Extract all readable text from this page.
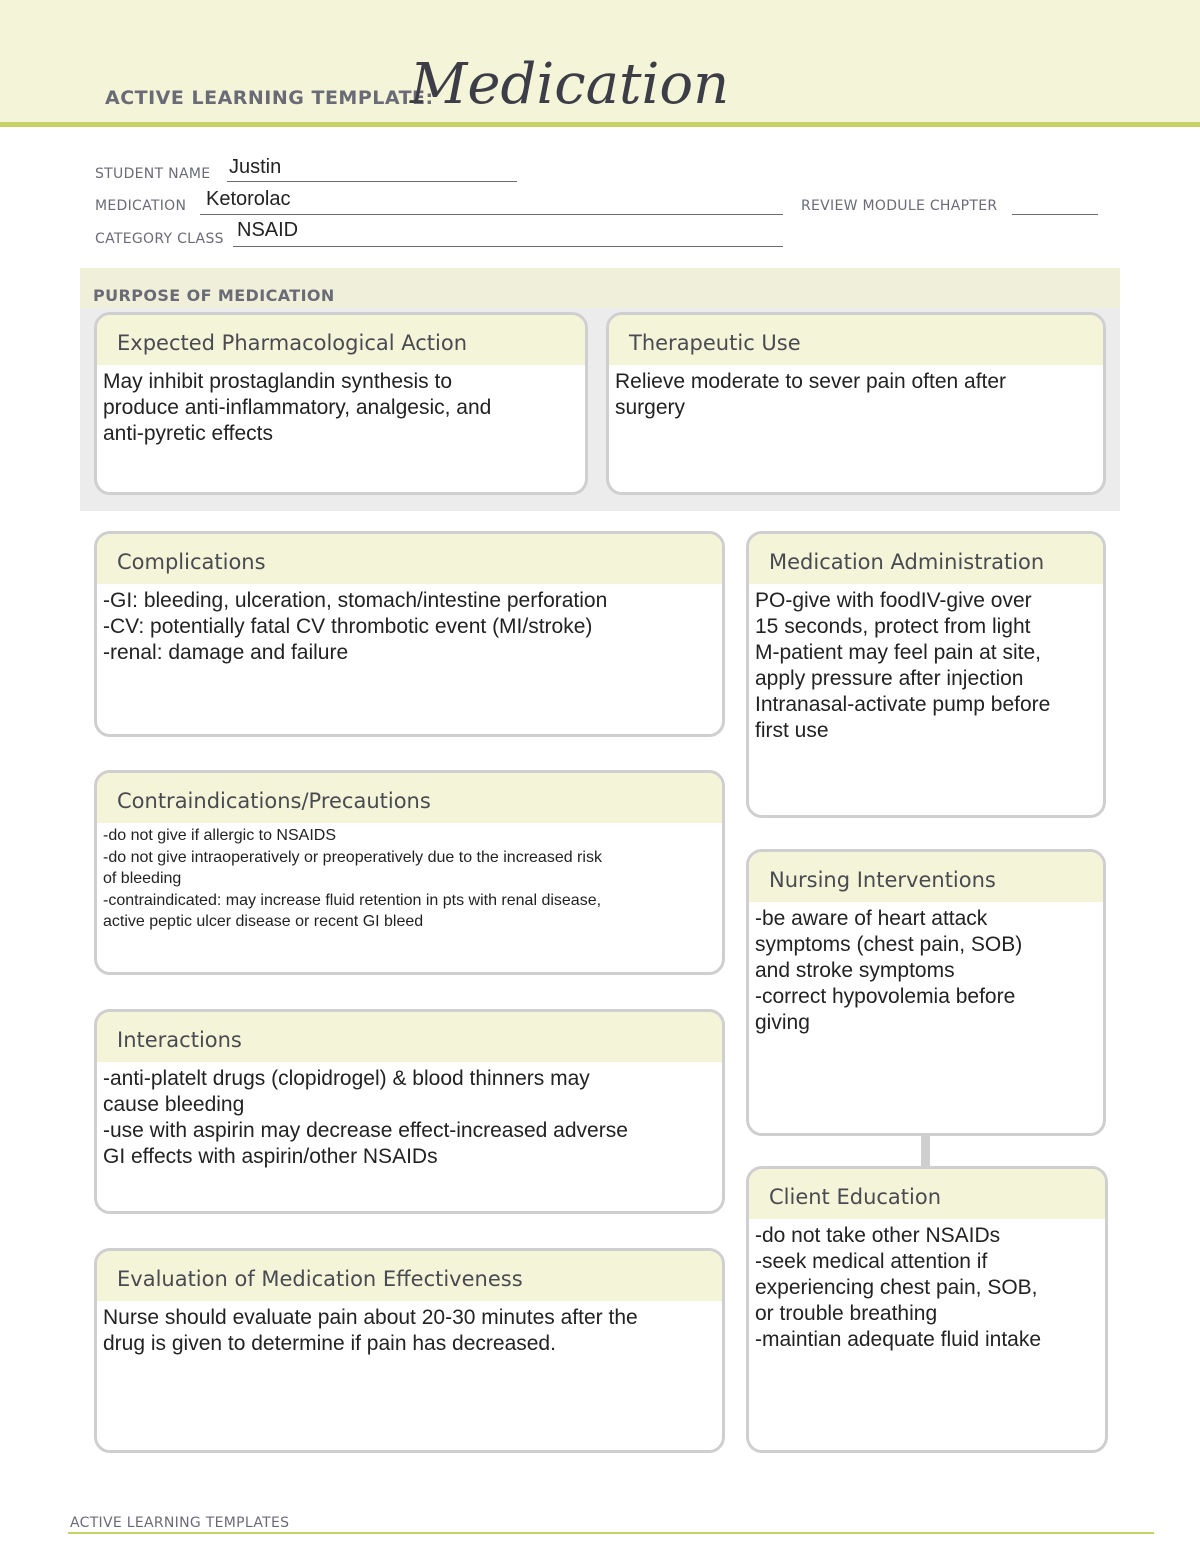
ACTIVE LEARNING TEMPLATE:
Medication
STUDENT NAME Justin
MEDICATION Ketorolac	REVIEW MODULE CHAPTER
CATEGORY CLASS NSAID
PURPOSE OF MEDICATION
Expected Pharmacological Action
May inhibit prostaglandin synthesis to
produce anti-inflammatory, analgesic, and
anti-pyretic effects
Therapeutic Use
Relieve moderate to sever pain often after
surgery
Complications
-GI: bleeding, ulceration, stomach/intestine perforation
-CV: potentially fatal CV thrombotic event (MI/stroke)
-renal: damage and failure
Contraindications/Precautions
-do not give if allergic to NSAIDS
-do not give intraoperatively or preoperatively due to the increased risk
of bleeding
-contraindicated: may increase fluid retention in pts with renal disease,
active peptic ulcer disease or recent GI bleed
Interactions
-anti-platelt drugs (clopidrogel) & blood thinners may
cause bleeding
-use with aspirin may decrease effect-increased adverse
GI effects with aspirin/other NSAIDs
Evaluation of Medication Effectiveness
Nurse should evaluate pain about 20-30 minutes after the
drug is given to determine if pain has decreased.
Medication Administration
PO-give with foodIV-give over
15 seconds, protect from light
M-patient may feel pain at site,
apply pressure after injection
Intranasal-activate pump before
first use
Nursing Interventions
-be aware of heart attack
symptoms (chest pain, SOB)
and stroke symptoms
-correct hypovolemia before
giving
Client Education
-do not take other NSAIDs
-seek medical attention if
experiencing chest pain, SOB,
or trouble breathing
-maintian adequate fluid intake
ACTIVE LEARNING TEMPLATES
